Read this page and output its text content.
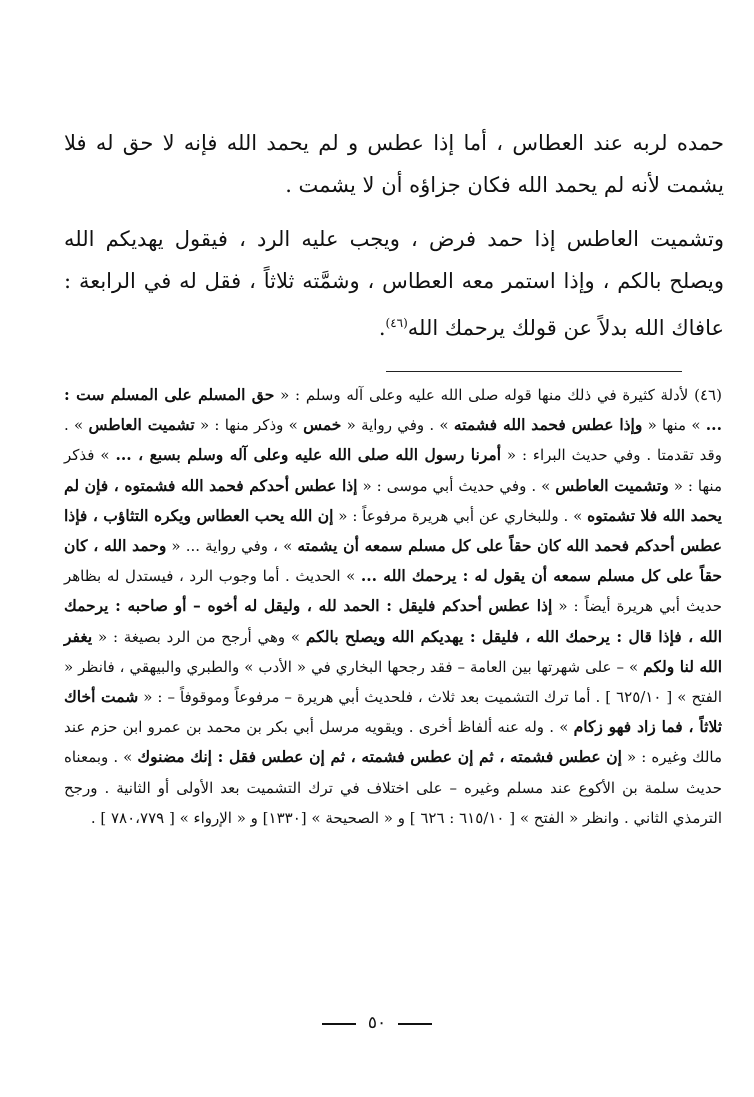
حمده لربه عند العطاس ، أما إذا عطس و لم يحمد الله فإنه لا حق له فلا يشمت لأنه لم يحمد الله فكان جزاؤه أن لا يشمت .

وتشميت العاطس إذا حمد فرض ، ويجب عليه الرد ، فيقول يهديكم الله ويصلح بالكم ، وإذا استمر معه العطاس ، وشمَّته ثلاثاً ، فقل له في الرابعة : عافاك الله بدلاً عن قولك يرحمك الله$^{(٤٦)}$.

(٤٦) لأدلة كثيرة في ذلك منها قوله صلى الله عليه وعلى آله وسلم : « حق المسلم على المسلم ست : ... » منها « وإذا عطس فحمد الله فشمته » . وفي رواية « خمس » وذكر منها : « تشميت العاطس » . وقد تقدمتا . وفي حديث البراء : « أمرنا رسول الله صلى الله عليه وعلى آله وسلم بسبع ، ... » فذكر منها : « وتشميت العاطس » . وفي حديث أبي موسى : « إذا عطس أحدكم فحمد الله فشمتوه ، فإن لم يحمد الله فلا تشمتوه » . وللبخاري عن أبي هريرة مرفوعاً : « إن الله يحب العطاس ويكره التثاؤب ، فإذا عطس أحدكم فحمد الله كان حقاً على كل مسلم سمعه أن يشمته » ، وفي رواية ... « وحمد الله ، كان حقاً على كل مسلم سمعه أن يقول له : يرحمك الله ... » الحديث . أما وجوب الرد ، فيستدل له بظاهر حديث أبي هريرة أيضاً : « إذا عطس أحدكم فليقل : الحمد لله ، وليقل له أخوه – أو صاحبه : يرحمك الله ، فإذا قال : يرحمك الله ، فليقل : يهديكم الله ويصلح بالكم » وهي أرجح من الرد بصيغة : « يغفر الله لنا ولكم » – على شهرتها بين العامة – فقد رجحها البخاري في « الأدب » والطبري والبيهقي ، فانظر « الفتح » [ ٦٢٥/١٠ ] . أما ترك التشميت بعد ثلاث ، فلحديث أبي هريرة – مرفوعاً وموقوفاً – : « شمت أخاك ثلاثاً ، فما زاد فهو زكام » . وله عنه ألفاظ أخرى . ويقويه مرسل أبي بكر بن محمد بن عمرو ابن حزم عند مالك وغيره : « إن عطس فشمته ، ثم إن عطس فشمته ، ثم إن عطس فقل : إنك مضنوك » . وبمعناه حديث سلمة بن الأكوع عند مسلم وغيره – على اختلاف في ترك التشميت بعد الأولى أو الثانية . ورجح الترمذي الثاني . وانظر « الفتح » [ ٦١٥/١٠ : ٦٢٦ ] و « الصحيحة » [١٣٣٠] و « الإرواء » [ ٧٨٠،٧٧٩ ] .
٥٠
